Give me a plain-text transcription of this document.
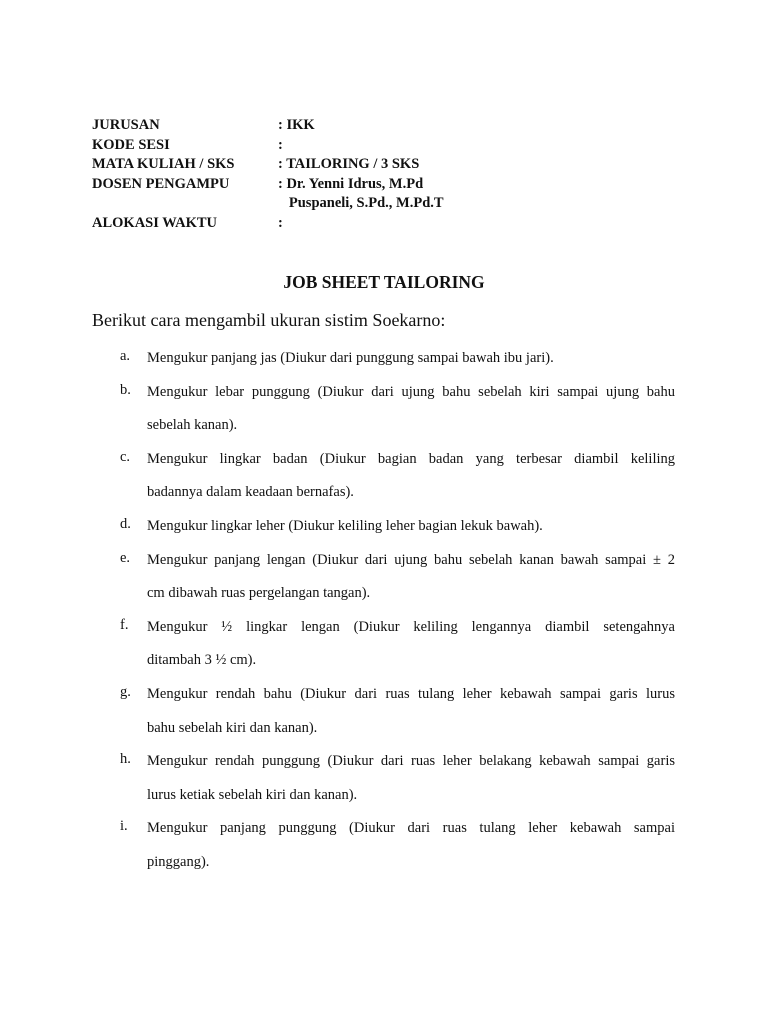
JURUSAN	: IKK
KODE SESI	:
MATA KULIAH / SKS	: TAILORING / 3 SKS
DOSEN PENGAMPU	: Dr. Yenni Idrus, M.Pd
Puspaneli, S.Pd., M.Pd.T
ALOKASI WAKTU	:
JOB SHEET TAILORING
Berikut cara mengambil ukuran sistim Soekarno:
a.	Mengukur panjang jas (Diukur dari punggung sampai bawah ibu jari).
b.	Mengukur lebar punggung (Diukur dari ujung bahu sebelah kiri sampai ujung bahu
sebelah kanan).
c.	Mengukur lingkar badan (Diukur bagian badan yang terbesar diambil keliling
badannya dalam keadaan bernafas).
d.	Mengukur lingkar leher (Diukur keliling leher bagian lekuk bawah).
e.	Mengukur panjang lengan (Diukur dari ujung bahu sebelah kanan bawah sampai ± 2
cm dibawah ruas pergelangan tangan).
f.	Mengukur ½ lingkar lengan (Diukur keliling lengannya diambil setengahnya
ditambah 3 ½ cm).
g.	Mengukur rendah bahu (Diukur dari ruas tulang leher kebawah sampai garis lurus
bahu sebelah kiri dan kanan).
h.	Mengukur rendah punggung (Diukur dari ruas leher belakang kebawah sampai garis
lurus ketiak sebelah kiri dan kanan).
i.	Mengukur panjang punggung (Diukur dari ruas tulang leher kebawah sampai
pinggang).
